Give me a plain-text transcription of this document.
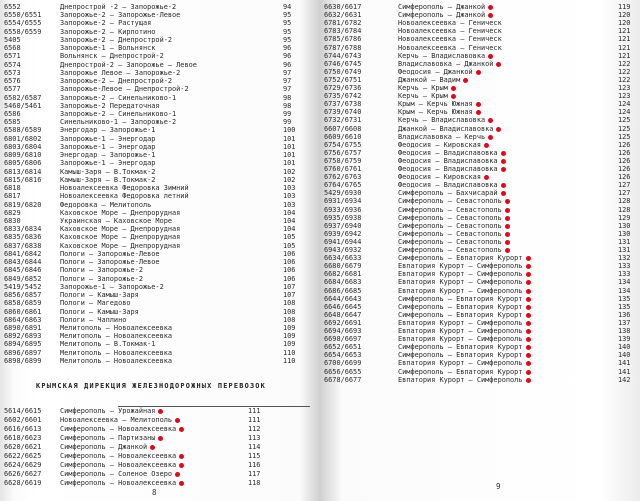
6552	Днепрострой -2 – Запорожье-2	94
6550/6551	Запорожье-2 – Запорожье-Левое	95
6554/6555	Запорожье-2 – Растущая	95
6558/6559	Запорожье-2 – Кирпотино	95
5405	Запорожье-2 – Днепрострой-2	95
6568	Запорожье-1 – Вольнянск	96
6571	Вольнянск – Днепрострой-2	96
6574	Днепрострой-2 – Запорожье – Левое	96
6573	Запорожье Левое – Запорожье-2	97
6576	Запорожье-2 – Днепрострой-2	97
6577	Запорожье-Левое – Днепрострой-2	97
6582/6587	Запорожье-2 – Синельниково-1	98
5460/5461	Запорожье-2 Передаточная	98
6586	Запорожье-2 – Синельниково-1	99
6585	Синельниково-1 – Запорожье-2	99
6588/6589	Энергодар – Запорожье-1	100
6801/6802	Запорожье-1 – Энергодар	101
6803/6804	Запорожье-1 – Энергодар	101
6809/6810	Энергодар – Запорожье-1	101
6805/6806	Запорожье-1 – Энергодар	101
6813/6814	Камыш-Заря – В.Токмак-2	102
6815/6816	Камыш-Заря – В.Токмак-2	102
6818	Новоалексеевка Федоровка Зимний	103
6817	Новоалексеевка Федоровка летний	103
6819/6820	Федоровка – Мелитополь	103
6829	Каховское Море – Днепрорудная	104
6830	Украинская – Каховское Море	104
6833/6834	Каховское Море – Днепрорудная	104
6835/6836	Каховское Море – Днепрорудная	105
6837/6838	Каховское Море – Днепрорудная	105
6841/6842	Пологи – Запорожье-Левое	106
6843/6844	Пологи – Запорожье-Левое	106
6845/6846	Пологи – Запорожье-2	106
6849/6852	Пологи – Запорожье-2	106
5419/5452	Запорожье-1 – Запорожье-2	107
6856/6857	Пологи – Камыш-Заря	107
6858/6859	Пологи – Магедово	108
6860/6861	Пологи – Камыш-Заря	108
6864/6863	Пологи – Чаплино	108
6890/6891	Мелитополь – Новоалексеевка	109
6892/6893	Мелитополь – Новоалексеевка	109
6894/6895	Мелитополь – В.Токмак-1	109
6896/6897	Мелитополь – Новоалексеевка	110
6898/6899	Мелитополь – Новоалексеевка	110
КРЫМСКАЯ ДИРЕКЦИЯ ЖЕЛЕЗНОДОРОЖНЫХ ПЕРЕВОЗОК
5614/6615	Симферополь – Урожайная	111
6602/6601	Новоалексеевка – Мелитополь	111
6616/6613	Симферополь – Новоалексеевка	112
6618/6623	Симферополь – Партизаны	113
6620/6621	Симферополь – Джанкой	114
6622/6625	Симферополь – Новоалексеевка	115
6624/6629	Симферополь – Новоалексеевка	116
6626/6627	Симферополь – Соленое Озеро	117
6628/6619	Симферополь – Новоалексеевка	118
8
6630/6617	Симферополь – Джанкой	119
6632/6631	Симферополь – Джанкой	120
6781/6782	Новоалексеевка – Геническ	120
6783/6784	Новоалексеевка – Геническ	121
6785/6786	Новоалексеевка – Геническ	121
6787/6788	Новоалексеевка – Геническ	121
6744/6743	Керчь – Владиславовка	121
6746/6745	Владиславовка – Джанкой	122
6750/6749	Феодосия – Джанкой	122
6752/6751	Джанкой – Вадим	122
6729/6736	Керчь – Крым	123
6735/6742	Керчь – Крым	123
6737/6738	Крым – Керчь Южная	124
6739/6740	Крым – Керчь Южная	124
6732/6731	Керчь – Владиславовка	125
6607/6608	Джанкой – Владиславовка	125
6609/6610	Владиславовка – Керчь	125
6754/6755	Феодосия – Кировская	126
6756/6757	Феодосия – Владиславовка	126
6758/6759	Феодосия – Владиславовка	126
6760/6761	Феодосия – Владиславовка	126
6762/6763	Феодосия – Кировская	126
6764/6765	Феодосия – Владиславовка	127
5429/6930	Симферополь – Бахчисарай	127
6931/6934	Симферополь – Севастополь	128
6933/6936	Симферополь – Севастополь	128
6935/6938	Симферополь – Севастополь	129
6937/6940	Симферополь – Севастополь	130
6939/6942	Симферополь – Севастополь	130
6941/6944	Симферополь – Севастополь	131
6943/6932	Симферополь – Севастополь	131
6634/6633	Симферополь – Евпатория Курорт	132
6680/6679	Евпатория Курорт – Симферополь	133
6682/6681	Евпатория Курорт – Симферополь	133
6684/6683	Евпатория Курорт – Симферополь	134
6686/6685	Евпатория Курорт – Симферополь	134
6644/6643	Симферополь – Евпатория Курорт	135
6646/6645	Симферополь – Евпатория Курорт	135
6648/6647	Симферополь – Евпатория Курорт	136
6692/6691	Евпатория Курорт – Симферополь	137
6694/6693	Евпатория Курорт – Симферополь	138
6698/6697	Евпатория Курорт – Симферополь	139
6652/6651	Симферополь – Евпатория Курорт	140
6654/6653	Симферополь – Евпатория Курорт	140
6700/6699	Евпатория Курорт – Симферополь	141
6656/6655	Симферополь – Евпатория Курорт	141
6678/6677	Евпатория Курорт – Симферополь	142
9
